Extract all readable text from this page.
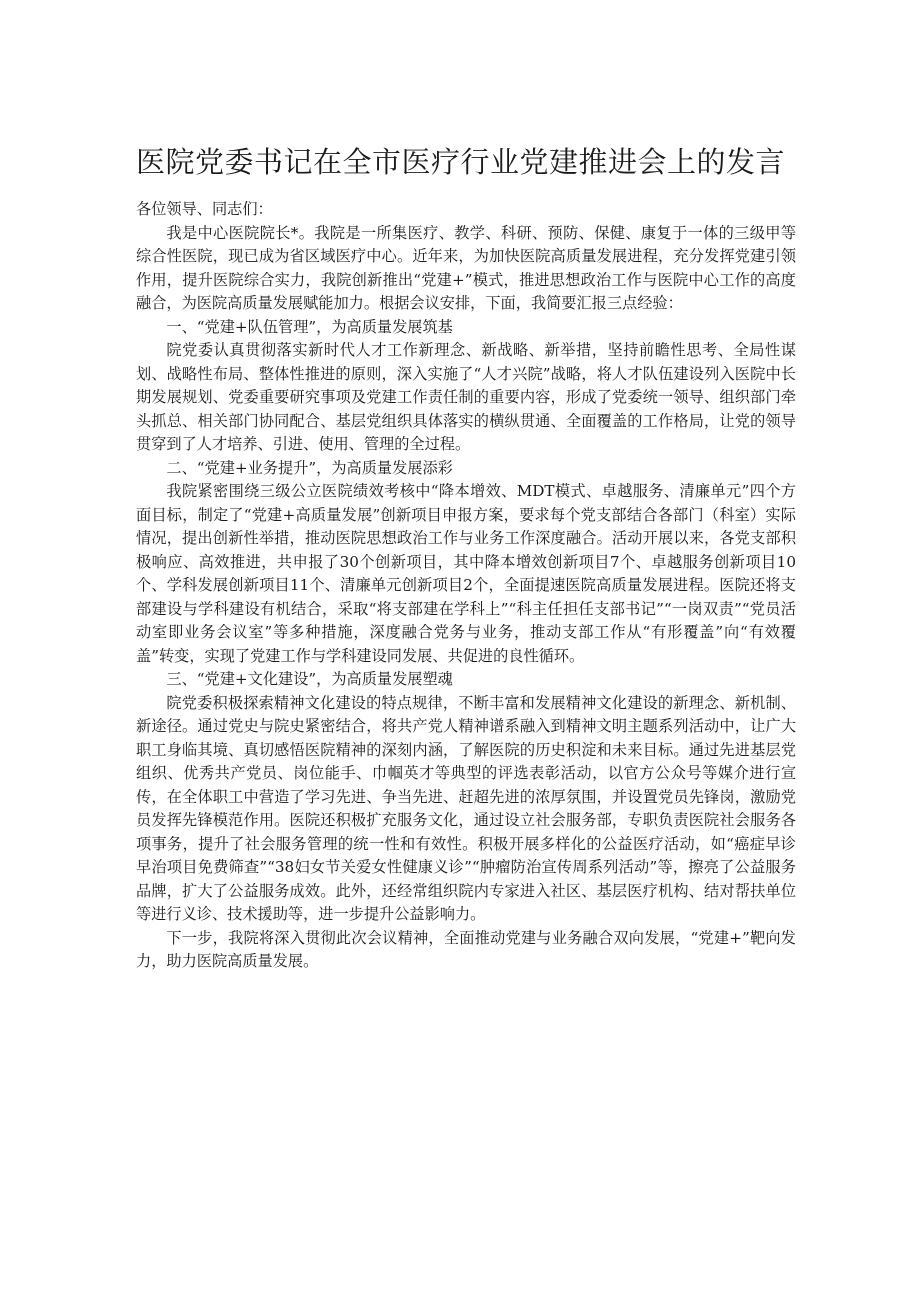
医院党委书记在全市医疗行业党建推进会上的发言

各位领导、同志们：

我是中心医院院长*。我院是一所集医疗、教学、科研、预防、保健、康复于一体的三级甲等综合性医院，现已成为省区域医疗中心。近年来，为加快医院高质量发展进程，充分发挥党建引领作用，提升医院综合实力，我院创新推出“党建+”模式，推进思想政治工作与医院中心工作的高度融合，为医院高质量发展赋能加力。根据会议安排，下面，我简要汇报三点经验：

一、“党建+队伍管理”，为高质量发展筑基

院党委认真贯彻落实新时代人才工作新理念、新战略、新举措，坚持前瞻性思考、全局性谋划、战略性布局、整体性推进的原则，深入实施了“人才兴院”战略，将人才队伍建设列入医院中长期发展规划、党委重要研究事项及党建工作责任制的重要内容，形成了党委统一领导、组织部门牵头抓总、相关部门协同配合、基层党组织具体落实的横纵贯通、全面覆盖的工作格局，让党的领导贯穿到了人才培养、引进、使用、管理的全过程。

二、“党建+业务提升”，为高质量发展添彩

我院紧密围绕三级公立医院绩效考核中“降本增效、MDT模式、卓越服务、清廉单元”四个方面目标，制定了“党建+高质量发展”创新项目申报方案，要求每个党支部结合各部门（科室）实际情况，提出创新性举措，推动医院思想政治工作与业务工作深度融合。活动开展以来，各党支部积极响应、高效推进，共申报了30个创新项目，其中降本增效创新项目7个、卓越服务创新项目10个、学科发展创新项目11个、清廉单元创新项目2个，全面提速医院高质量发展进程。医院还将支部建设与学科建设有机结合，采取“将支部建在学科上”“科主任担任支部书记”“一岗双责”“党员活动室即业务会议室”等多种措施，深度融合党务与业务，推动支部工作从“有形覆盖”向“有效覆盖”转变，实现了党建工作与学科建设同发展、共促进的良性循环。

三、“党建+文化建设”，为高质量发展塑魂

院党委积极探索精神文化建设的特点规律，不断丰富和发展精神文化建设的新理念、新机制、新途径。通过党史与院史紧密结合，将共产党人精神谱系融入到精神文明主题系列活动中，让广大职工身临其境、真切感悟医院精神的深刻内涵，了解医院的历史积淀和未来目标。通过先进基层党组织、优秀共产党员、岗位能手、巾帼英才等典型的评选表彰活动，以官方公众号等媒介进行宣传，在全体职工中营造了学习先进、争当先进、赶超先进的浓厚氛围，并设置党员先锋岗，激励党员发挥先锋模范作用。医院还积极扩充服务文化，通过设立社会服务部，专职负责医院社会服务各项事务，提升了社会服务管理的统一性和有效性。积极开展多样化的公益医疗活动，如“癌症早诊早治项目免费筛查”“38妇女节关爱女性健康义诊”“肿瘤防治宣传周系列活动”等，擦亮了公益服务品牌，扩大了公益服务成效。此外，还经常组织院内专家进入社区、基层医疗机构、结对帮扶单位等进行义诊、技术援助等，进一步提升公益影响力。

下一步，我院将深入贯彻此次会议精神，全面推动党建与业务融合双向发展，“党建+”靶向发力，助力医院高质量发展。
